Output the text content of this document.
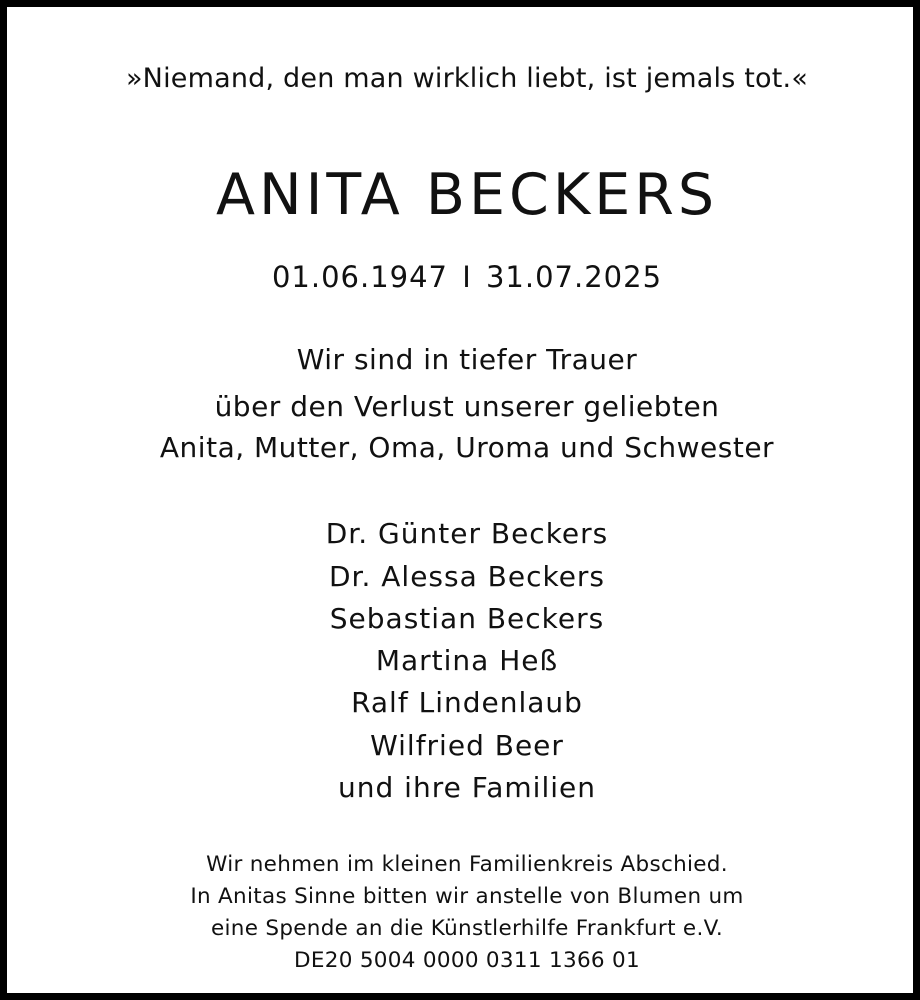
»Niemand, den man wirklich liebt, ist jemals tot.«
ANITA BECKERS
01.06.1947 I 31.07.2025
Wir sind in tiefer Trauer
über den Verlust unserer geliebten
Anita, Mutter, Oma, Uroma und Schwester
Dr. Günter Beckers
Dr. Alessa Beckers
Sebastian Beckers
Martina Heß
Ralf Lindenlaub
Wilfried Beer
und ihre Familien
Wir nehmen im kleinen Familienkreis Abschied.
In Anitas Sinne bitten wir anstelle von Blumen um
eine Spende an die Künstlerhilfe Frankfurt e.V.
DE20 5004 0000 0311 1366 01
